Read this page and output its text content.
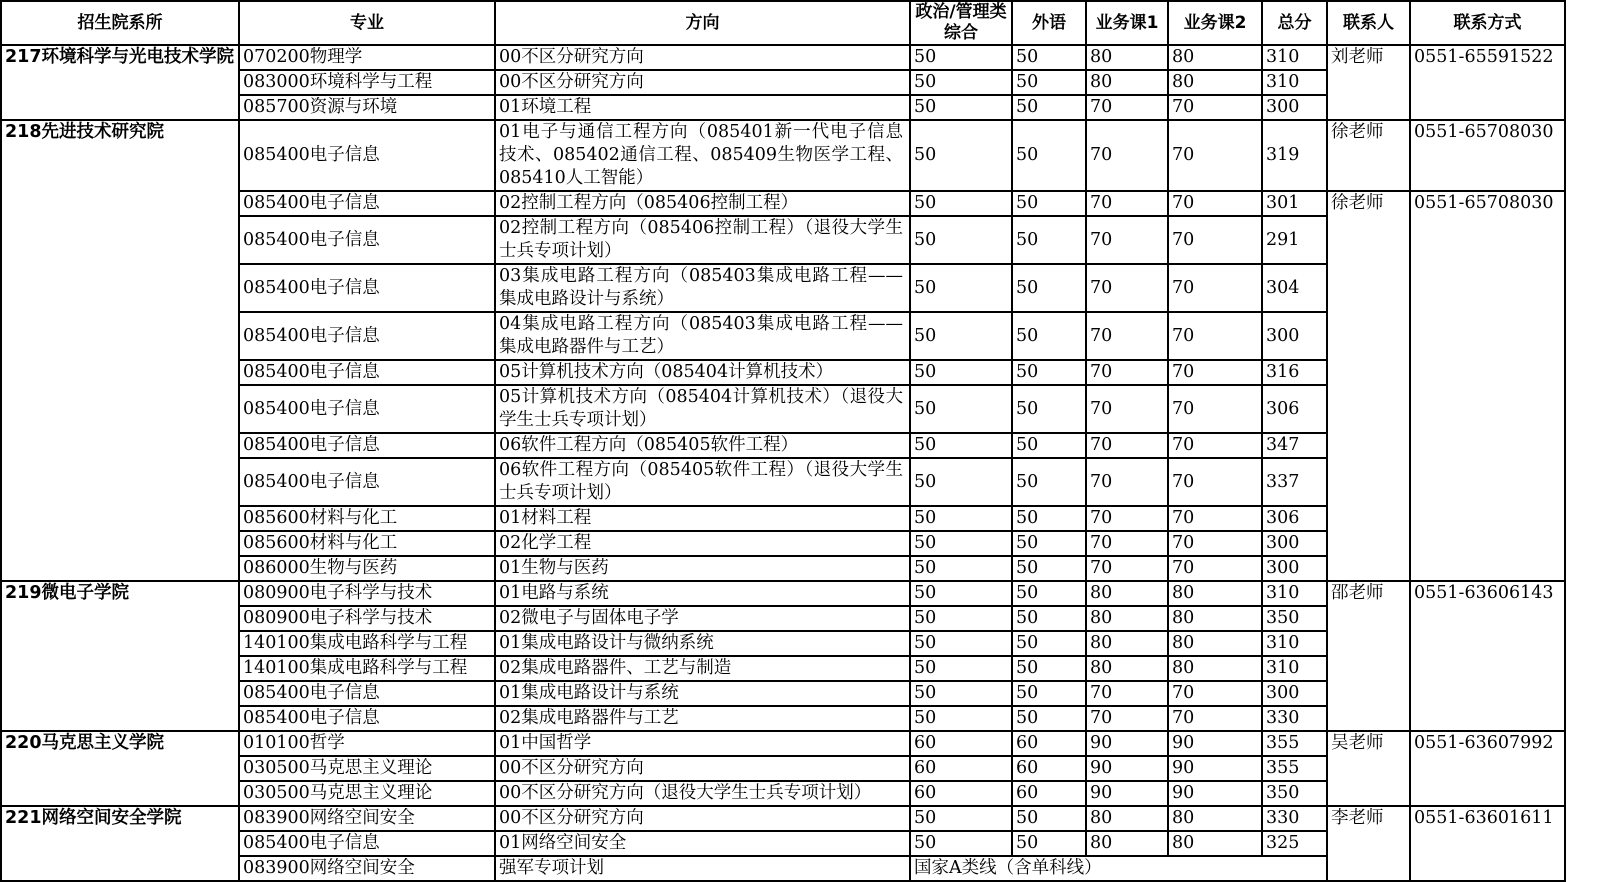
招生院系所	专业	方向	政治/管理类综合	外语	业务课1	业务课2	总分	联系人	联系方式
217环境科学与光电技术学院	070200物理学	00不区分研究方向	50	50	80	80	310	刘老师	0551-65591522
	083000环境科学与工程	00不区分研究方向	50	50	80	80	310		
	085700资源与环境	01环境工程	50	50	70	70	300		
218先进技术研究院	085400电子信息	01电子与通信工程方向（085401新一代电子信息技术、085402通信工程、085409生物医学工程、085410人工智能）	50	50	70	70	319	徐老师	0551-65708030
	085400电子信息	02控制工程方向（085406控制工程）	50	50	70	70	301	徐老师	0551-65708030
	085400电子信息	02控制工程方向（085406控制工程）（退役大学生士兵专项计划）	50	50	70	70	291		
	085400电子信息	03集成电路工程方向（085403集成电路工程——集成电路设计与系统）	50	50	70	70	304		
	085400电子信息	04集成电路工程方向（085403集成电路工程——集成电路器件与工艺）	50	50	70	70	300		
	085400电子信息	05计算机技术方向（085404计算机技术）	50	50	70	70	316		
	085400电子信息	05计算机技术方向（085404计算机技术）（退役大学生士兵专项计划）	50	50	70	70	306		
	085400电子信息	06软件工程方向（085405软件工程）	50	50	70	70	347		
	085400电子信息	06软件工程方向（085405软件工程）（退役大学生士兵专项计划）	50	50	70	70	337		
	085600材料与化工	01材料工程	50	50	70	70	306		
	085600材料与化工	02化学工程	50	50	70	70	300		
	086000生物与医药	01生物与医药	50	50	70	70	300		
219微电子学院	080900电子科学与技术	01电路与系统	50	50	80	80	310	邵老师	0551-63606143
	080900电子科学与技术	02微电子与固体电子学	50	50	80	80	350		
	140100集成电路科学与工程	01集成电路设计与微纳系统	50	50	80	80	310		
	140100集成电路科学与工程	02集成电路器件、工艺与制造	50	50	80	80	310		
	085400电子信息	01集成电路设计与系统	50	50	70	70	300		
	085400电子信息	02集成电路器件与工艺	50	50	70	70	330		
220马克思主义学院	010100哲学	01中国哲学	60	60	90	90	355	吴老师	0551-63607992
	030500马克思主义理论	00不区分研究方向	60	60	90	90	355		
	030500马克思主义理论	00不区分研究方向（退役大学生士兵专项计划）	60	60	90	90	350		
221网络空间安全学院	083900网络空间安全	00不区分研究方向	50	50	80	80	330	李老师	0551-63601611
	085400电子信息	01网络空间安全	50	50	80	80	325		
	083900网络空间安全	强军专项计划	国家A类线（含单科线）						
